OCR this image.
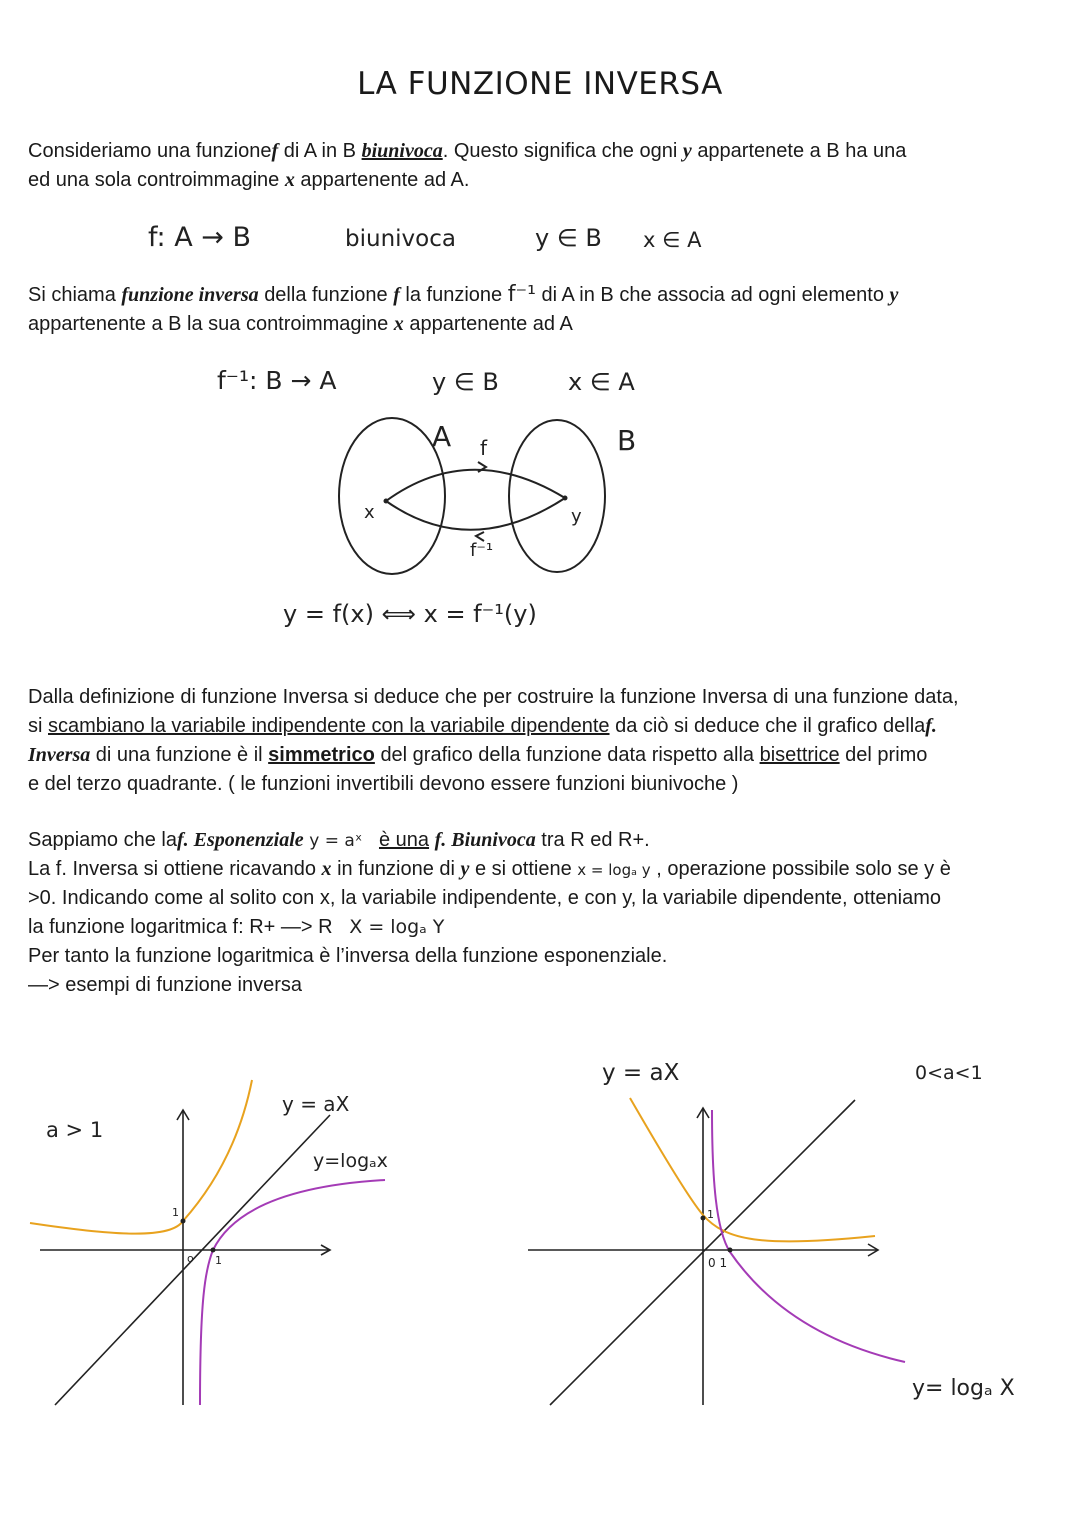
LA FUNZIONE INVERSA
Consideriamo una funzionef di A in B biunivoca. Questo significa che ogni y appartenete a B ha una
ed una sola controimmagine x appartenente ad A.
f: A → B	biunivoca	y ∈ B x ∈ A
Si chiama funzione inversa della funzione f la funzione f⁻¹ di A in B che associa ad ogni elemento y
appartenente a B la sua controimmagine x appartenente ad A
f⁻¹: B → A	y ∈ B	x ∈ A
A	B
f
x	y
f⁻¹
y = f(x) ⟺ x = f⁻¹(y)
Dalla definizione di funzione Inversa si deduce che per costruire la funzione Inversa di una funzione data,
si scambiano la variabile indipendente con la variabile dipendente da ciò si deduce che il grafico dellaf.
Inversa di una funzione è il simmetrico del grafico della funzione data rispetto alla bisettrice del primo
e del terzo quadrante. ( le funzioni invertibili devono essere funzioni biunivoche )
Sappiamo che laf. Esponenziale y = aˣ è una f. Biunivoca tra R ed R+.
La f. Inversa si ottiene ricavando x in funzione di y e si ottiene x = logₐ y , operazione possibile solo se y è
>0. Indicando come al solito con x, la variabile indipendente, e con y, la variabile dipendente, otteniamo
la funzione logaritmica f: R+ —> R X = logₐ Y
Per tanto la funzione logaritmica è l’inversa della funzione esponenziale.
—> esempi di funzione inversa
a > 1
y = aX
y=logₐx
1
o 1
y = aX	0<a<1
1
0 1
y= logₐ X
